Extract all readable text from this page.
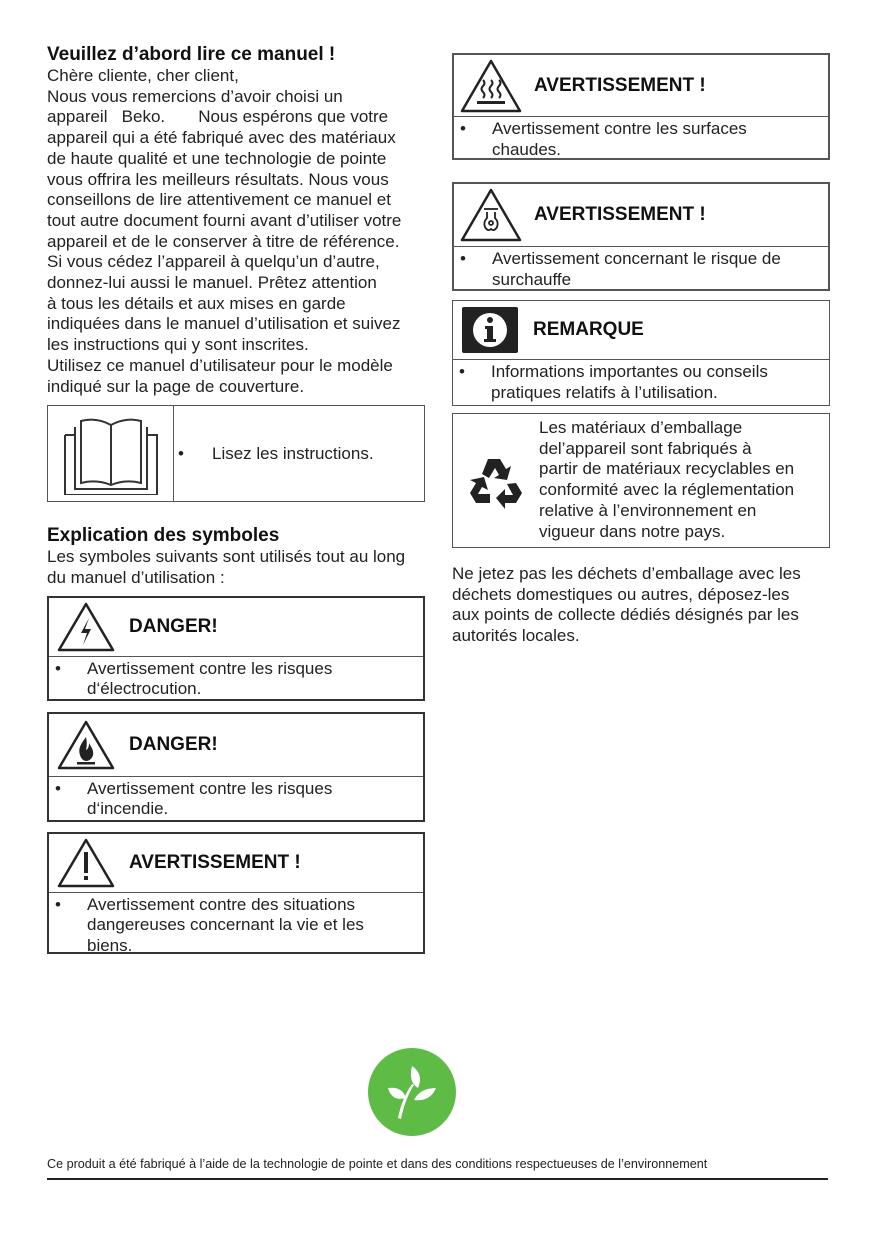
Veuillez d’abord lire ce manuel !

Chère cliente, cher client,

Nous vous remercions d’avoir choisi un

appareil   Beko.       Nous espérons que votre

appareil qui a été fabriqué avec des matériaux

de haute qualité et une technologie de pointe

vous offrira les meilleurs résultats. Nous vous

conseillons de lire attentivement ce manuel et

tout autre document fourni avant d’utiliser votre

appareil et de le conserver à titre de référence.

Si vous cédez l’appareil à quelqu’un d’autre,

donnez-lui aussi le manuel. Prêtez attention

à tous les détails et aux mises en garde

indiquées dans le manuel d’utilisation et suivez

les instructions qui y sont inscrites.

Utilisez ce manuel d’utilisateur pour le modèle

indiqué sur la page de couverture.

•	Lisez les instructions.
Explication des symboles

Les symboles suivants sont utilisés tout au long

du manuel d’utilisation :

DANGER!
•	Avertissement contre les risques
d‘électrocution.
DANGER!
•	Avertissement contre les risques
d‘incendie.
AVERTISSEMENT !
•	Avertissement contre des situations
dangereuses concernant la vie et les
biens.
AVERTISSEMENT !
•	Avertissement contre les surfaces
chaudes.
AVERTISSEMENT !
•	Avertissement concernant le risque de
surchauffe
REMARQUE
•	Informations importantes ou conseils
pratiques relatifs à l’utilisation.
Les matériaux d’emballage
del’appareil sont fabriqués à
partir de matériaux recyclables en
conformité avec la réglementation
relative à l’environnement en
vigueur dans notre pays.

Ne jetez pas les déchets d’emballage avec les

déchets domestiques ou autres, déposez-les

aux points de collecte dédiés désignés par les

autorités locales.

Ce produit a été fabriqué à l’aide de la technologie de pointe et dans des conditions respectueuses de l’environnement
